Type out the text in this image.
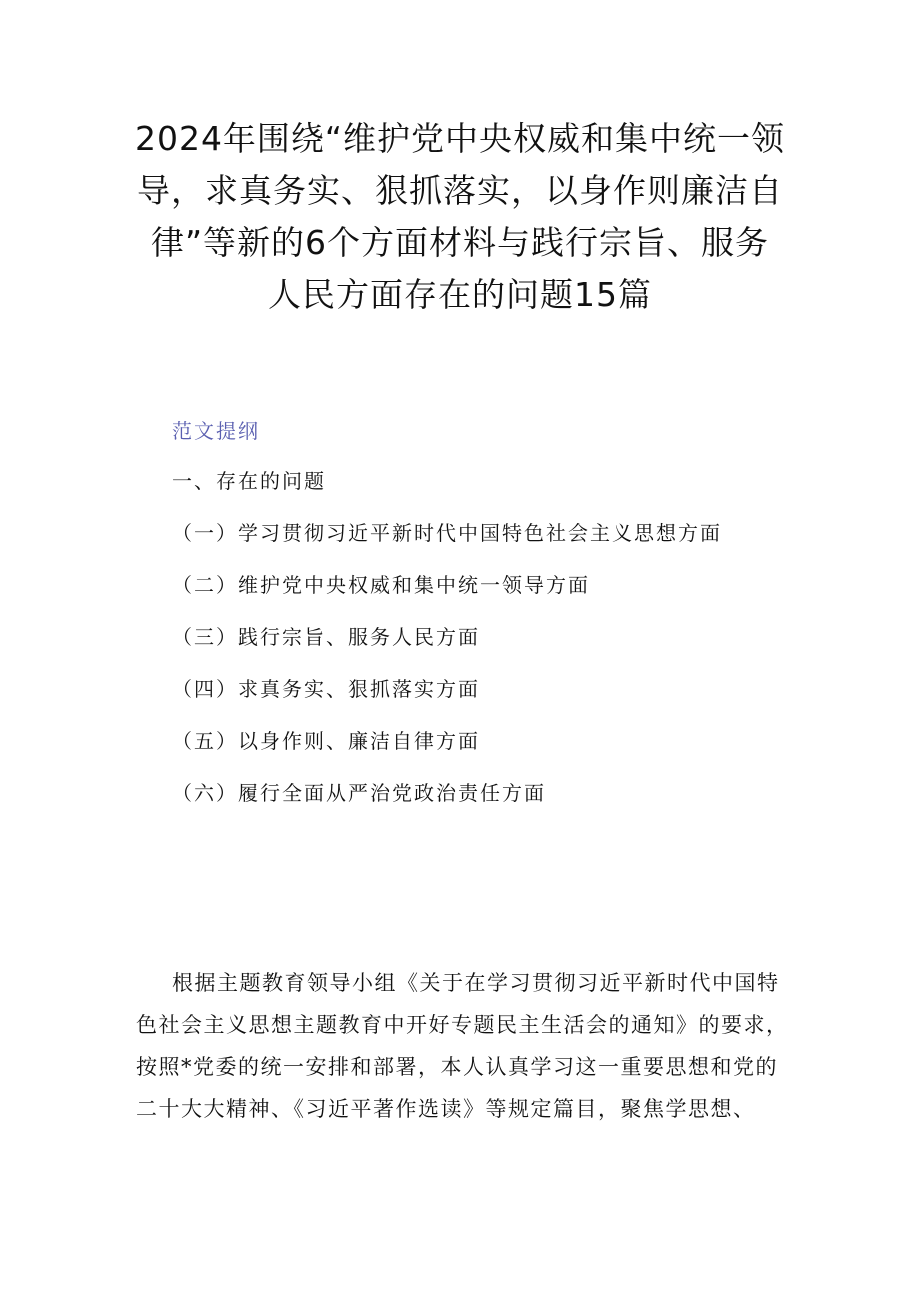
2024年围绕“维护党中央权威和集中统一领
导，求真务实、狠抓落实，以身作则廉洁自
律”等新的6个方面材料与践行宗旨、服务
人民方面存在的问题15篇
范文提纲
一、存在的问题
（一）学习贯彻习近平新时代中国特色社会主义思想方面
（二）维护党中央权威和集中统一领导方面
（三）践行宗旨、服务人民方面
（四）求真务实、狠抓落实方面
（五）以身作则、廉洁自律方面
（六）履行全面从严治党政治责任方面

根据主题教育领导小组《关于在学习贯彻习近平新时代中国特
色社会主义思想主题教育中开好专题民主生活会的通知》的要求，
按照*党委的统一安排和部署，本人认真学习这一重要思想和党的
二十大大精神、《习近平著作选读》等规定篇目，聚焦学思想、
